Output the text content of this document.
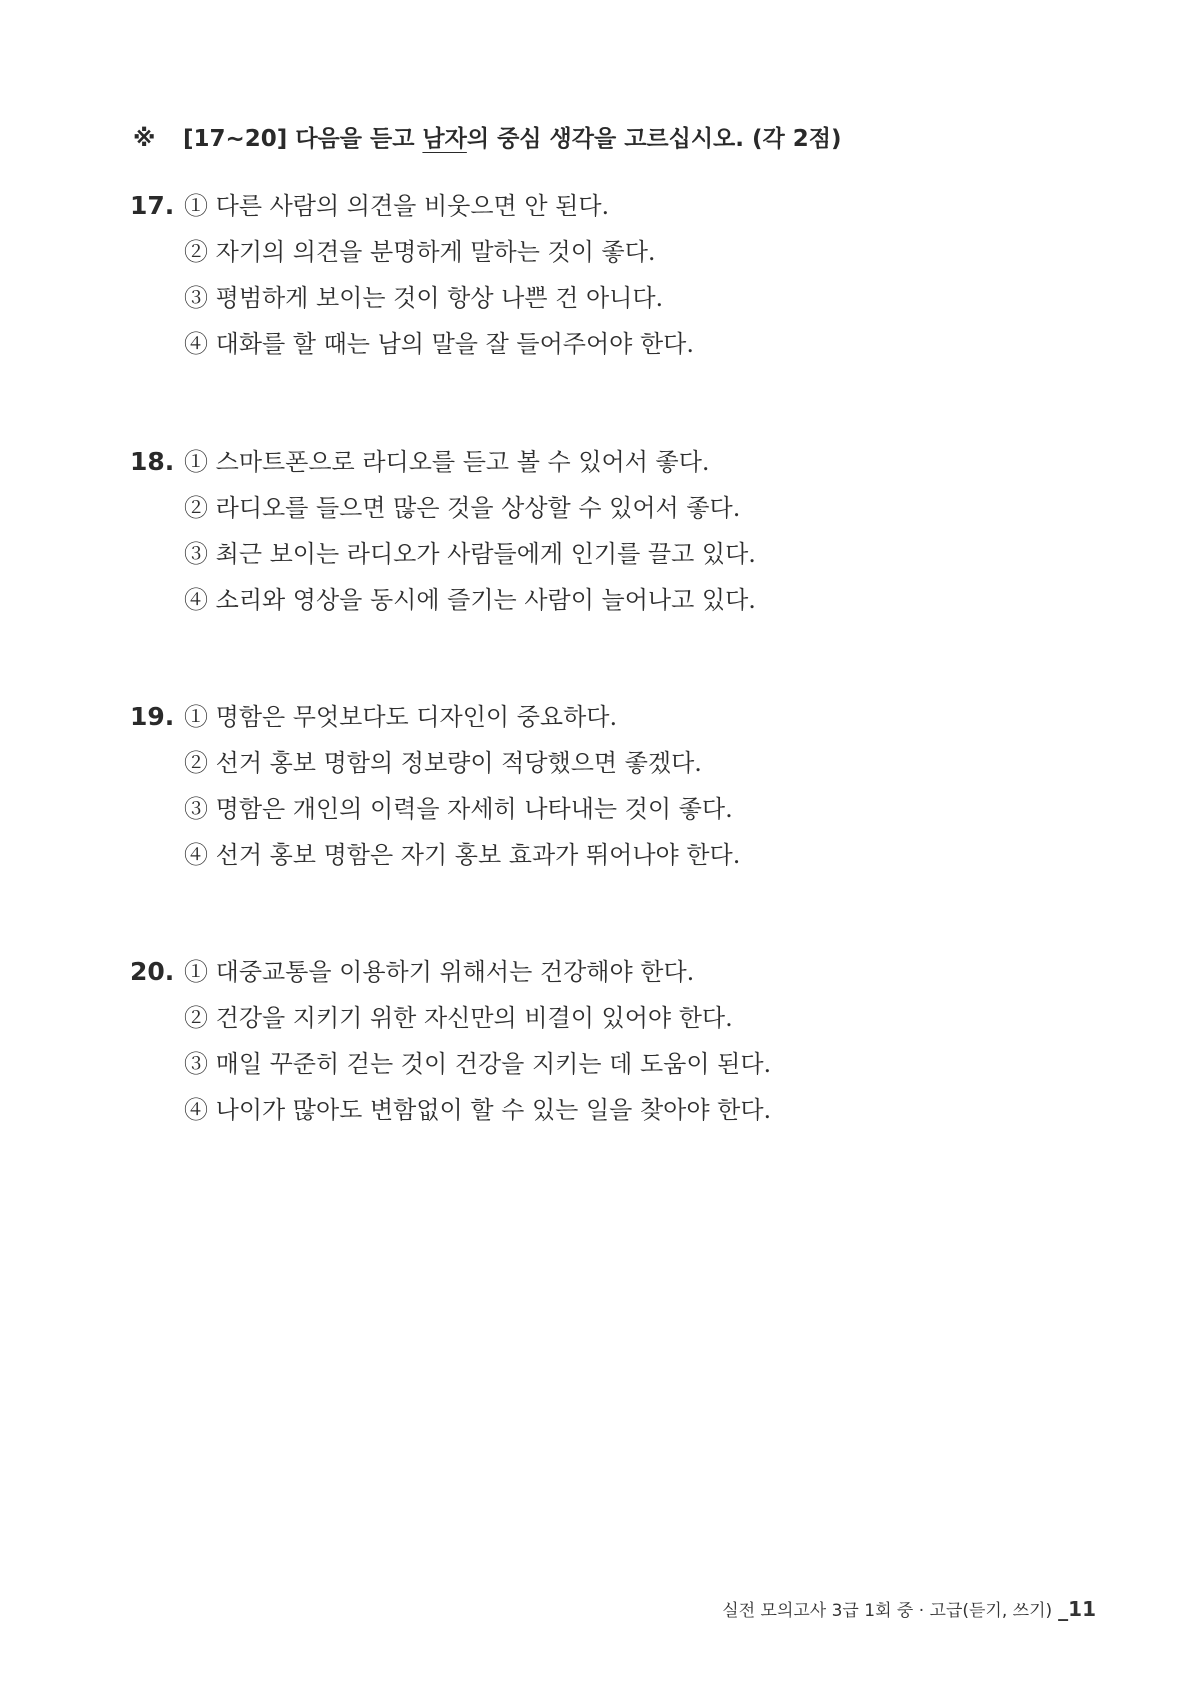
※ [17~20] 다음을 듣고 남자의 중심 생각을 고르십시오. (각 2점)
17. ① 다른 사람의 의견을 비웃으면 안 된다.
② 자기의 의견을 분명하게 말하는 것이 좋다.
③ 평범하게 보이는 것이 항상 나쁜 건 아니다.
④ 대화를 할 때는 남의 말을 잘 들어주어야 한다.
18. ① 스마트폰으로 라디오를 듣고 볼 수 있어서 좋다.
② 라디오를 들으면 많은 것을 상상할 수 있어서 좋다.
③ 최근 보이는 라디오가 사람들에게 인기를 끌고 있다.
④ 소리와 영상을 동시에 즐기는 사람이 늘어나고 있다.
19. ① 명함은 무엇보다도 디자인이 중요하다.
② 선거 홍보 명함의 정보량이 적당했으면 좋겠다.
③ 명함은 개인의 이력을 자세히 나타내는 것이 좋다.
④ 선거 홍보 명함은 자기 홍보 효과가 뛰어나야 한다.
20. ① 대중교통을 이용하기 위해서는 건강해야 한다.
② 건강을 지키기 위한 자신만의 비결이 있어야 한다.
③ 매일 꾸준히 걷는 것이 건강을 지키는 데 도움이 된다.
④ 나이가 많아도 변함없이 할 수 있는 일을 찾아야 한다.
실전 모의고사 3급 1회 중 · 고급(듣기, 쓰기) _11
